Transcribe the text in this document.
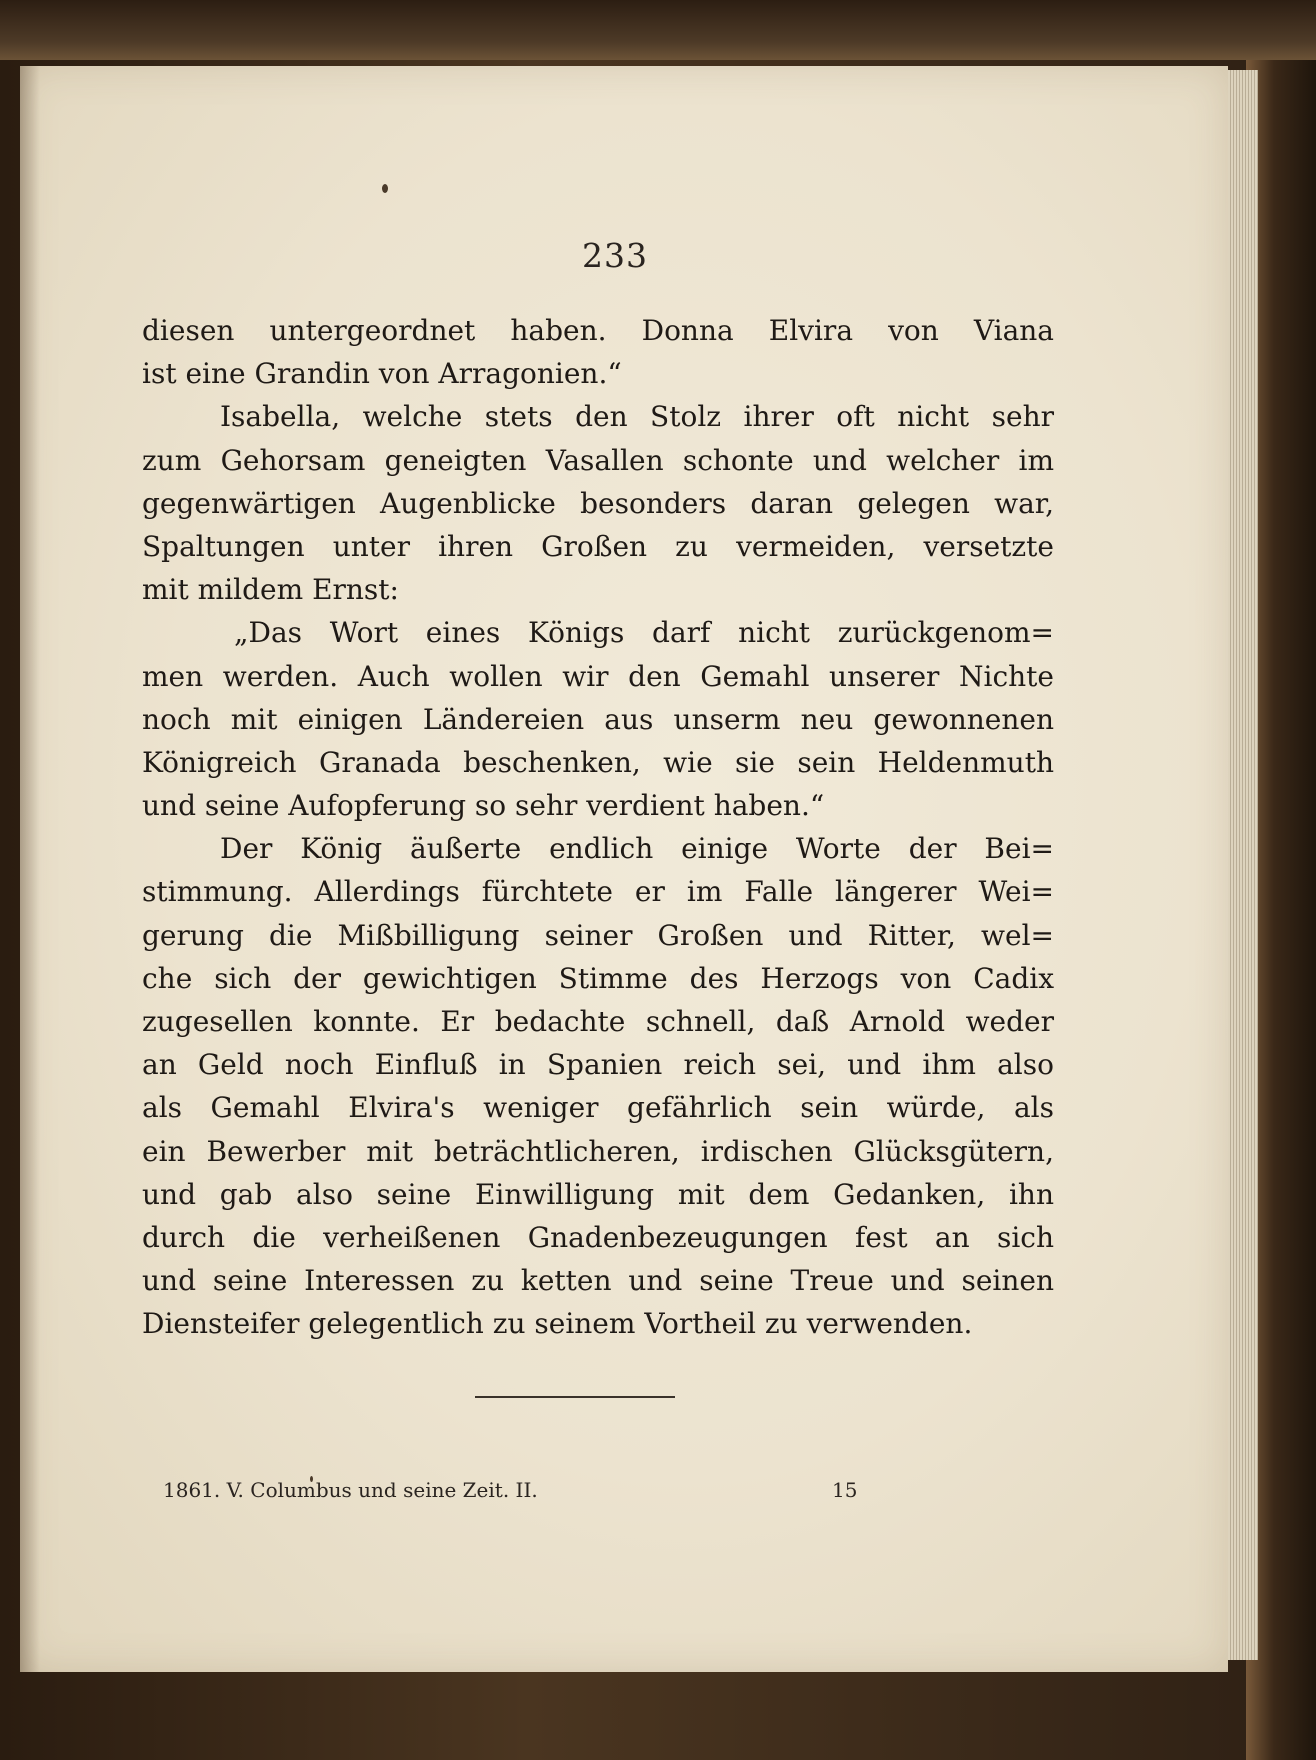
233
diesen untergeordnet haben. Donna Elvira von Viana
ist eine Grandin von Arragonien.“
Isabella, welche stets den Stolz ihrer oft nicht sehr
zum Gehorsam geneigten Vasallen schonte und welcher im
gegenwärtigen Augenblicke besonders daran gelegen war,
Spaltungen unter ihren Großen zu vermeiden, versetzte
mit mildem Ernst:
„Das Wort eines Königs darf nicht zurückgenom=
men werden. Auch wollen wir den Gemahl unserer Nichte
noch mit einigen Ländereien aus unserm neu gewonnenen
Königreich Granada beschenken, wie sie sein Heldenmuth
und seine Aufopferung so sehr verdient haben.“
Der König äußerte endlich einige Worte der Bei=
stimmung. Allerdings fürchtete er im Falle längerer Wei=
gerung die Mißbilligung seiner Großen und Ritter, wel=
che sich der gewichtigen Stimme des Herzogs von Cadix
zugesellen konnte. Er bedachte schnell, daß Arnold weder
an Geld noch Einfluß in Spanien reich sei, und ihm also
als Gemahl Elvira's weniger gefährlich sein würde, als
ein Bewerber mit beträchtlicheren, irdischen Glücksgütern,
und gab also seine Einwilligung mit dem Gedanken, ihn
durch die verheißenen Gnadenbezeugungen fest an sich
und seine Interessen zu ketten und seine Treue und seinen
Diensteifer gelegentlich zu seinem Vortheil zu verwenden.
1861. V. Columbus und seine Zeit. II.	15
